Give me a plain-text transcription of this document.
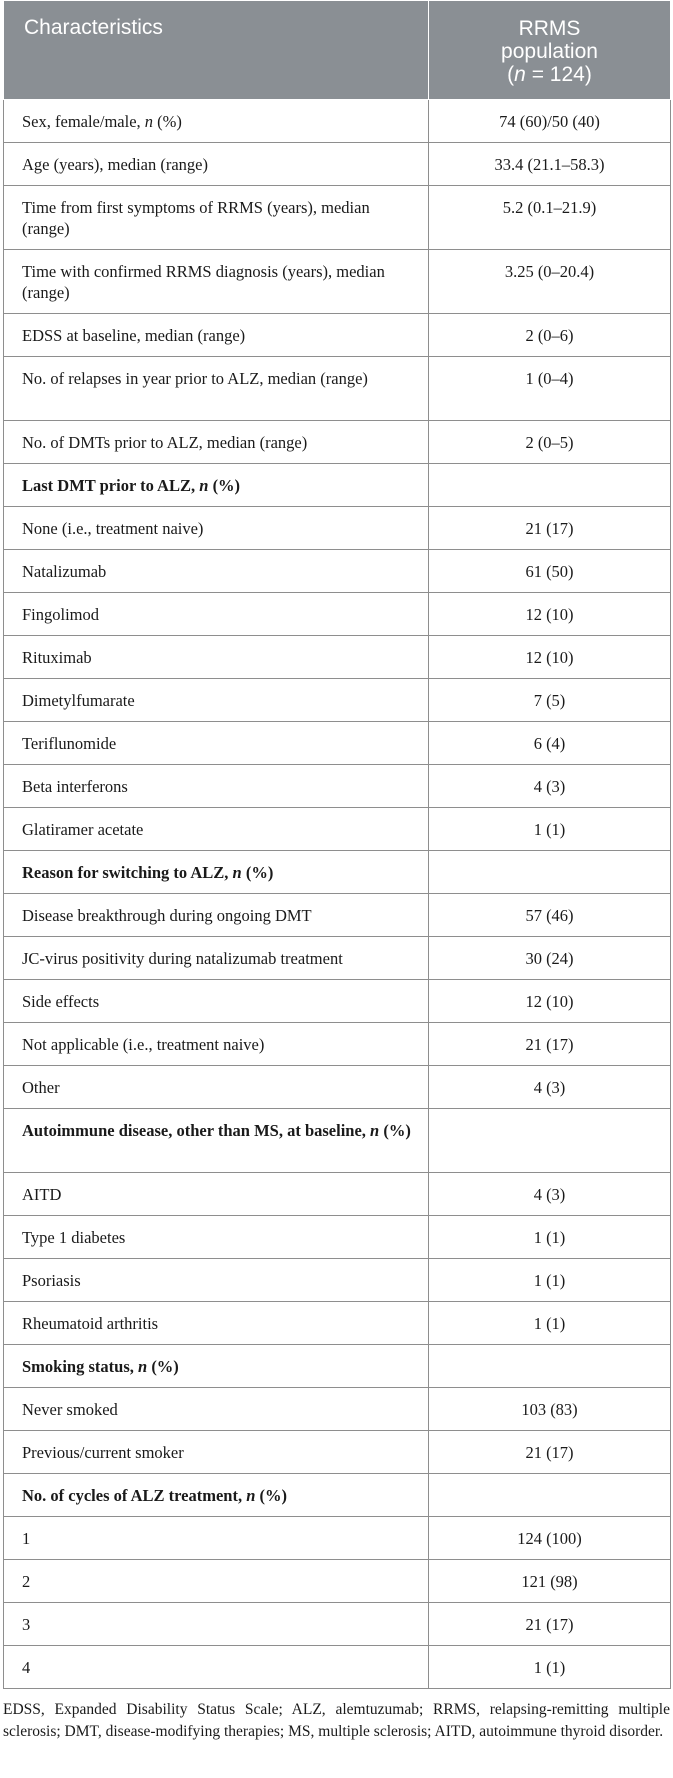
Characteristics	RRMS
population
(n = 124)
Sex, female/male, n (%)	74 (60)/50 (40)
Age (years), median (range)	33.4 (21.1–58.3)
Time from first symptoms of RRMS (years), median (range)	5.2 (0.1–21.9)
Time with confirmed RRMS diagnosis (years), median (range)	3.25 (0–20.4)
EDSS at baseline, median (range)	2 (0–6)
No. of relapses in year prior to ALZ, median (range)	1 (0–4)
No. of DMTs prior to ALZ, median (range)	2 (0–5)
Last DMT prior to ALZ, n (%)	
None (i.e., treatment naive)	21 (17)
Natalizumab	61 (50)
Fingolimod	12 (10)
Rituximab	12 (10)
Dimetylfumarate	7 (5)
Teriflunomide	6 (4)
Beta interferons	4 (3)
Glatiramer acetate	1 (1)
Reason for switching to ALZ, n (%)	
Disease breakthrough during ongoing DMT	57 (46)
JC-virus positivity during natalizumab treatment	30 (24)
Side effects	12 (10)
Not applicable (i.e., treatment naive)	21 (17)
Other	4 (3)
Autoimmune disease, other than MS, at baseline, n (%)	
AITD	4 (3)
Type 1 diabetes	1 (1)
Psoriasis	1 (1)
Rheumatoid arthritis	1 (1)
Smoking status, n (%)	
Never smoked	103 (83)
Previous/current smoker	21 (17)
No. of cycles of ALZ treatment, n (%)	
1	124 (100)
2	121 (98)
3	21 (17)
4	1 (1)
EDSS, Expanded Disability Status Scale; ALZ, alemtuzumab; RRMS, relapsing-remitting multiple sclerosis; DMT, disease-modifying therapies; MS, multiple sclerosis; AITD, autoimmune thyroid disorder.
